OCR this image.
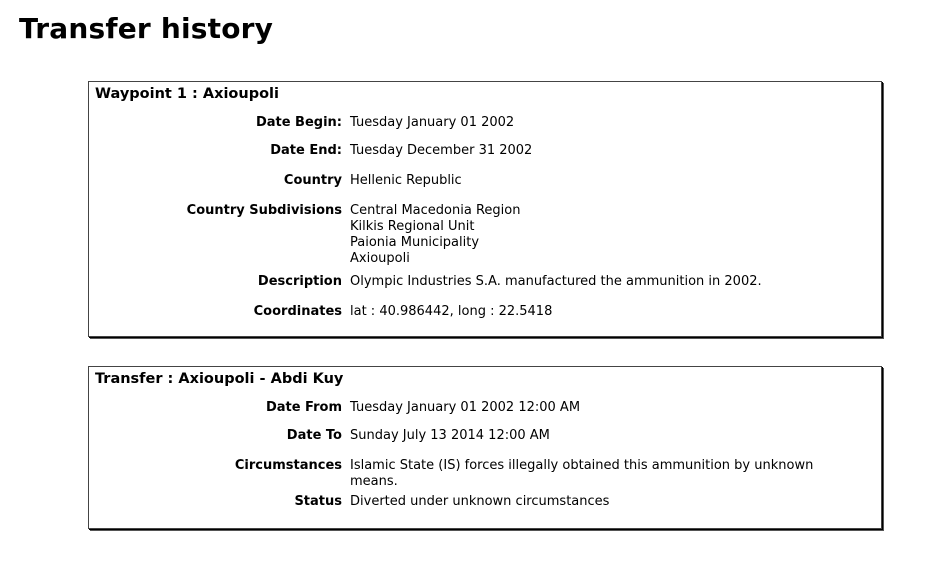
Transfer history
Waypoint 1 : Axioupoli
Date Begin:	Tuesday January 01 2002
Date End:	Tuesday December 31 2002
Country	Hellenic Republic
Country Subdivisions	Central Macedonia Region
Kilkis Regional Unit
Paionia Municipality
Axioupoli

Description	Olympic Industries S.A. manufactured the ammunition in 2002.
Coordinates	lat : 40.986442, long : 22.5418
Transfer : Axioupoli - Abdi Kuy
Date From	Tuesday January 01 2002 12:00 AM
Date To	Sunday July 13 2014 12:00 AM
Circumstances	Islamic State (IS) forces illegally obtained this ammunition by unknown
means.

Status	Diverted under unknown circumstances
